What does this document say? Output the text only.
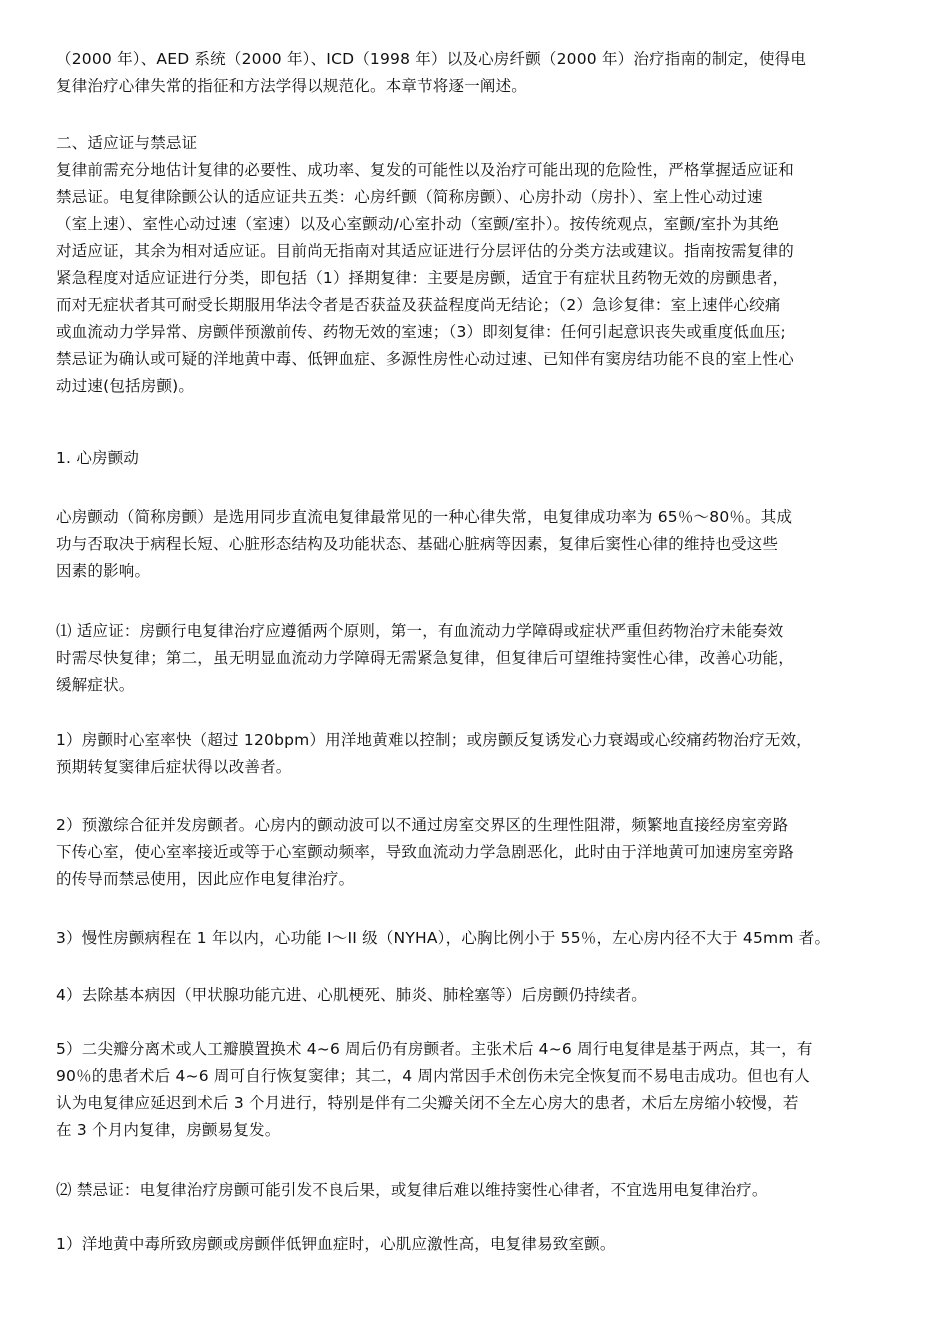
（2000 年）、AED 系统（2000 年）、ICD（1998 年）以及心房纤颤（2000 年）治疗指南的制定，使得电
复律治疗心律失常的指征和方法学得以规范化。本章节将逐一阐述。
二、适应证与禁忌证
复律前需充分地估计复律的必要性、成功率、复发的可能性以及治疗可能出现的危险性，严格掌握适应证和
禁忌证。电复律除颤公认的适应证共五类：心房纤颤（简称房颤）、心房扑动（房扑）、室上性心动过速
（室上速）、室性心动过速（室速）以及心室颤动/心室扑动（室颤/室扑）。按传统观点，室颤/室扑为其绝
对适应证，其余为相对适应证。目前尚无指南对其适应证进行分层评估的分类方法或建议。指南按需复律的
紧急程度对适应证进行分类，即包括（1）择期复律：主要是房颤，适宜于有症状且药物无效的房颤患者，
而对无症状者其可耐受长期服用华法令者是否获益及获益程度尚无结论；（2）急诊复律：室上速伴心绞痛
或血流动力学异常、房颤伴预激前传、药物无效的室速；（3）即刻复律：任何引起意识丧失或重度低血压;
禁忌证为确认或可疑的洋地黄中毒、低钾血症、多源性房性心动过速、已知伴有窦房结功能不良的室上性心
动过速(包括房颤)。
1. 心房颤动
心房颤动（简称房颤）是选用同步直流电复律最常见的一种心律失常，电复律成功率为 65％～80％。其成
功与否取决于病程长短、心脏形态结构及功能状态、基础心脏病等因素，复律后窦性心律的维持也受这些
因素的影响。
⑴ 适应证：房颤行电复律治疗应遵循两个原则，第一，有血流动力学障碍或症状严重但药物治疗未能奏效
时需尽快复律；第二，虽无明显血流动力学障碍无需紧急复律，但复律后可望维持窦性心律，改善心功能，
缓解症状。
1）房颤时心室率快（超过 120bpm）用洋地黄难以控制；或房颤反复诱发心力衰竭或心绞痛药物治疗无效，
预期转复窦律后症状得以改善者。
2）预激综合征并发房颤者。心房内的颤动波可以不通过房室交界区的生理性阻滞，频繁地直接经房室旁路
下传心室，使心室率接近或等于心室颤动频率，导致血流动力学急剧恶化，此时由于洋地黄可加速房室旁路
的传导而禁忌使用，因此应作电复律治疗。
3）慢性房颤病程在 1 年以内，心功能 I～II 级（NYHA），心胸比例小于 55％，左心房内径不大于 45mm 者。
4）去除基本病因（甲状腺功能亢进、心肌梗死、肺炎、肺栓塞等）后房颤仍持续者。
5）二尖瓣分离术或人工瓣膜置换术 4~6 周后仍有房颤者。主张术后 4~6 周行电复律是基于两点，其一，有
90％的患者术后 4~6 周可自行恢复窦律；其二，4 周内常因手术创伤未完全恢复而不易电击成功。但也有人
认为电复律应延迟到术后 3 个月进行，特别是伴有二尖瓣关闭不全左心房大的患者，术后左房缩小较慢，若
在 3 个月内复律，房颤易复发。
⑵ 禁忌证：电复律治疗房颤可能引发不良后果，或复律后难以维持窦性心律者，不宜选用电复律治疗。
1）洋地黄中毒所致房颤或房颤伴低钾血症时，心肌应激性高，电复律易致室颤。
